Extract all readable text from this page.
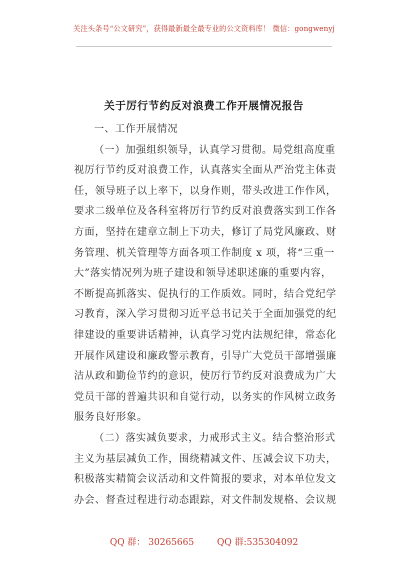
关注头条号“公文研究”，获得最新最全最专业的公文资料库！ 微信：gongwenyj
关于厉行节约反对浪费工作开展情况报告

一、工作开展情况

（一）加强组织领导，认真学习贯彻。局党组高度重
视厉行节约反对浪费工作，认真落实全面从严治党主体责
任，领导班子以上率下，以身作则，带头改进工作作风，
要求二级单位及各科室将厉行节约反对浪费落实到工作各
方面，坚持在建章立制上下功夫，修订了局党风廉政、财
务管理、机关管理等方面各项工作制度 x 项，将“三重一
大”落实情况列为班子建设和领导述职述廉的重要内容，
不断提高抓落实、促执行的工作质效。同时，结合党纪学
习教育，深入学习贯彻习近平总书记关于全面加强党的纪
律建设的重要讲话精神，认真学习党内法规纪律，常态化
开展作风建设和廉政警示教育，引导广大党员干部增强廉
洁从政和勤俭节约的意识，使厉行节约反对浪费成为广大
党员干部的普遍共识和自觉行动，以务实的作风树立政务
服务良好形象。

（二）落实减负要求，力戒形式主义。结合整治形式
主义为基层减负工作，围绕精减文件、压减会议下功夫，
积极落实精简会议活动和文件简报的要求，对本单位发文
办会、督查过程进行动态跟踪，对文件制发规格、会议规

QQ 群： 30265665	QQ 群:535304092
